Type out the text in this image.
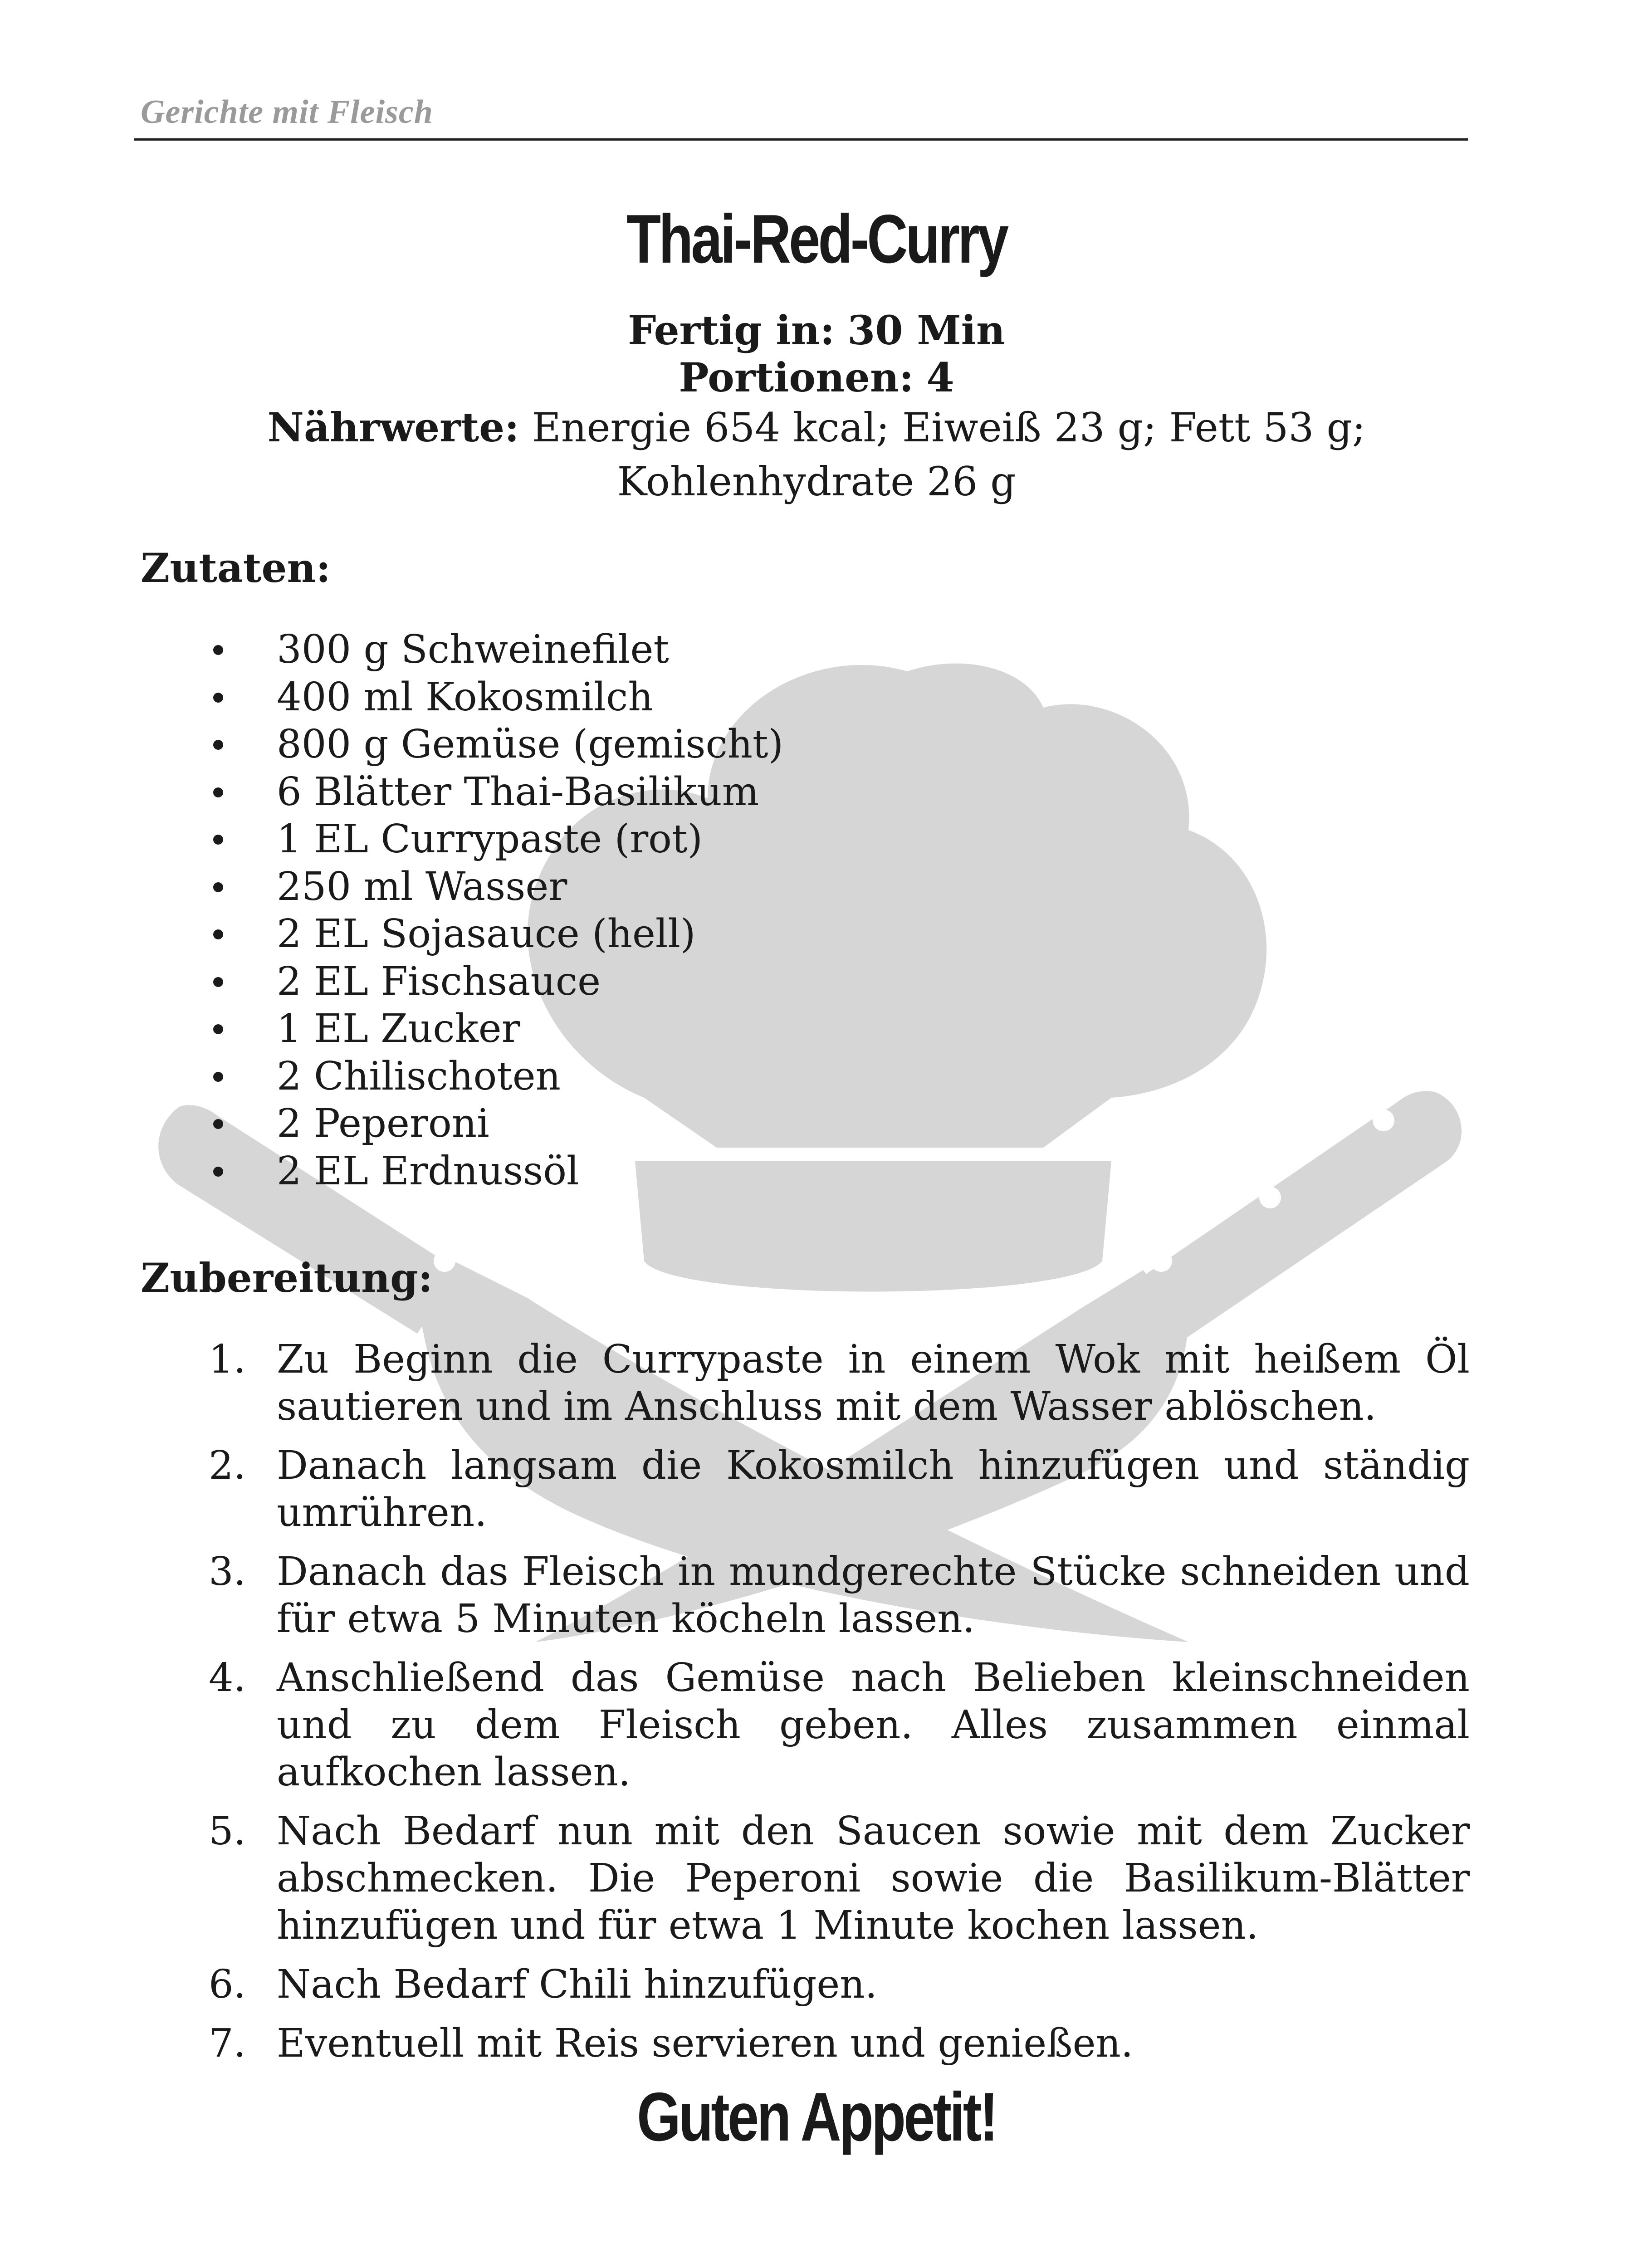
Gerichte mit Fleisch
Thai-Red-Curry
Fertig in: 30 Min
Portionen: 4
Nährwerte: Energie 654 kcal; Eiweiß 23 g; Fett 53 g;
Kohlenhydrate 26 g
Zutaten:
300 g Schweinefilet
400 ml Kokosmilch
800 g Gemüse (gemischt)
6 Blätter Thai-Basilikum
1 EL Currypaste (rot)
250 ml Wasser
2 EL Sojasauce (hell)
2 EL Fischsauce
1 EL Zucker
2 Chilischoten
2 Peperoni
2 EL Erdnussöl
Zubereitung:
1. Zu Beginn die Currypaste in einem Wok mit heißem Öl sautieren und im Anschluss mit dem Wasser ablöschen.
2. Danach langsam die Kokosmilch hinzufügen und ständig umrühren.
3. Danach das Fleisch in mundgerechte Stücke schneiden und für etwa 5 Minuten köcheln lassen.
4. Anschließend das Gemüse nach Belieben kleinschneiden und zu dem Fleisch geben. Alles zusammen einmal aufkochen lassen.
5. Nach Bedarf nun mit den Saucen sowie mit dem Zucker abschmecken. Die Peperoni sowie die Basilikum-Blätter hinzufügen und für etwa 1 Minute kochen lassen.
6. Nach Bedarf Chili hinzufügen.
7. Eventuell mit Reis servieren und genießen.
Guten Appetit!
